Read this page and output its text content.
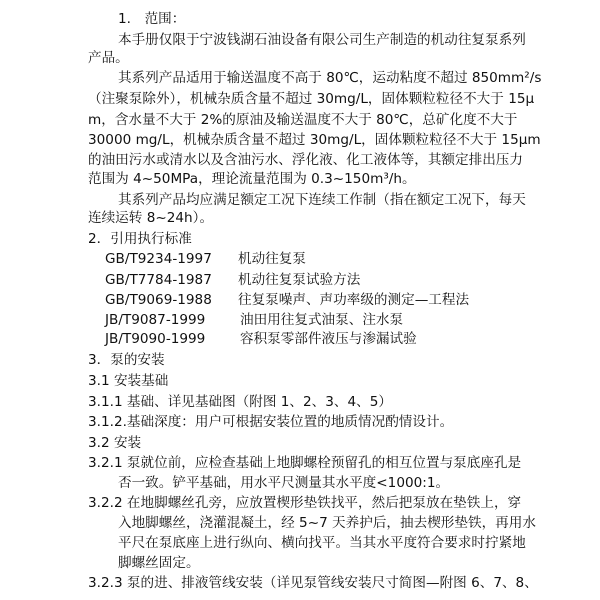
1.　范围：
本手册仅限于宁波钱湖石油设备有限公司生产制造的机动往复泵系列
产品。
其系列产品适用于输送温度不高于 80℃，运动粘度不超过 850mm²/s
（注聚泵除外），机械杂质含量不超过 30mg/L，固体颗粒粒径不大于 15μ
m，含水量不大于 2%的原油及输送温度不大于 80℃，总矿化度不大于
30000 mg/L，机械杂质含量不超过 30mg/L，固体颗粒粒径不大于 15μm
的油田污水或清水以及含油污水、浮化液、化工液体等，其额定排出压力
范围为 4~50MPa，理论流量范围为 0.3~150m³/h。
其系列产品均应满足额定工况下连续工作制（指在额定工况下，每天
连续运转 8~24h）。
2．引用执行标准
GB/T9234-1997 机动往复泵
GB/T7784-1987 机动往复泵试验方法
GB/T9069-1988 往复泵噪声、声功率级的测定—工程法
JB/T9087-1999	油田用往复式油泵、注水泵
JB/T9090-1999	容积泵零部件液压与渗漏试验
3．泵的安装
3.1 安装基础
3.1.1 基础、详见基础图（附图 1、2、3、4、5）
3.1.2.基础深度：用户可根据安装位置的地质情况酌情设计。
3.2 安装
3.2.1 泵就位前，应检查基础上地脚螺栓预留孔的相互位置与泵底座孔是
否一致。铲平基础，用水平尺测量其水平度<1000:1。
3.2.2 在地脚螺丝孔旁，应放置楔形垫铁找平，然后把泵放在垫铁上，穿
入地脚螺丝，浇灌混凝土，经 5~7 天养护后，抽去楔形垫铁，再用水
平尺在泵底座上进行纵向、横向找平。当其水平度符合要求时拧紧地
脚螺丝固定。
3.2.3 泵的进、排液管线安装（详见泵管线安装尺寸简图—附图 6、7、8、
